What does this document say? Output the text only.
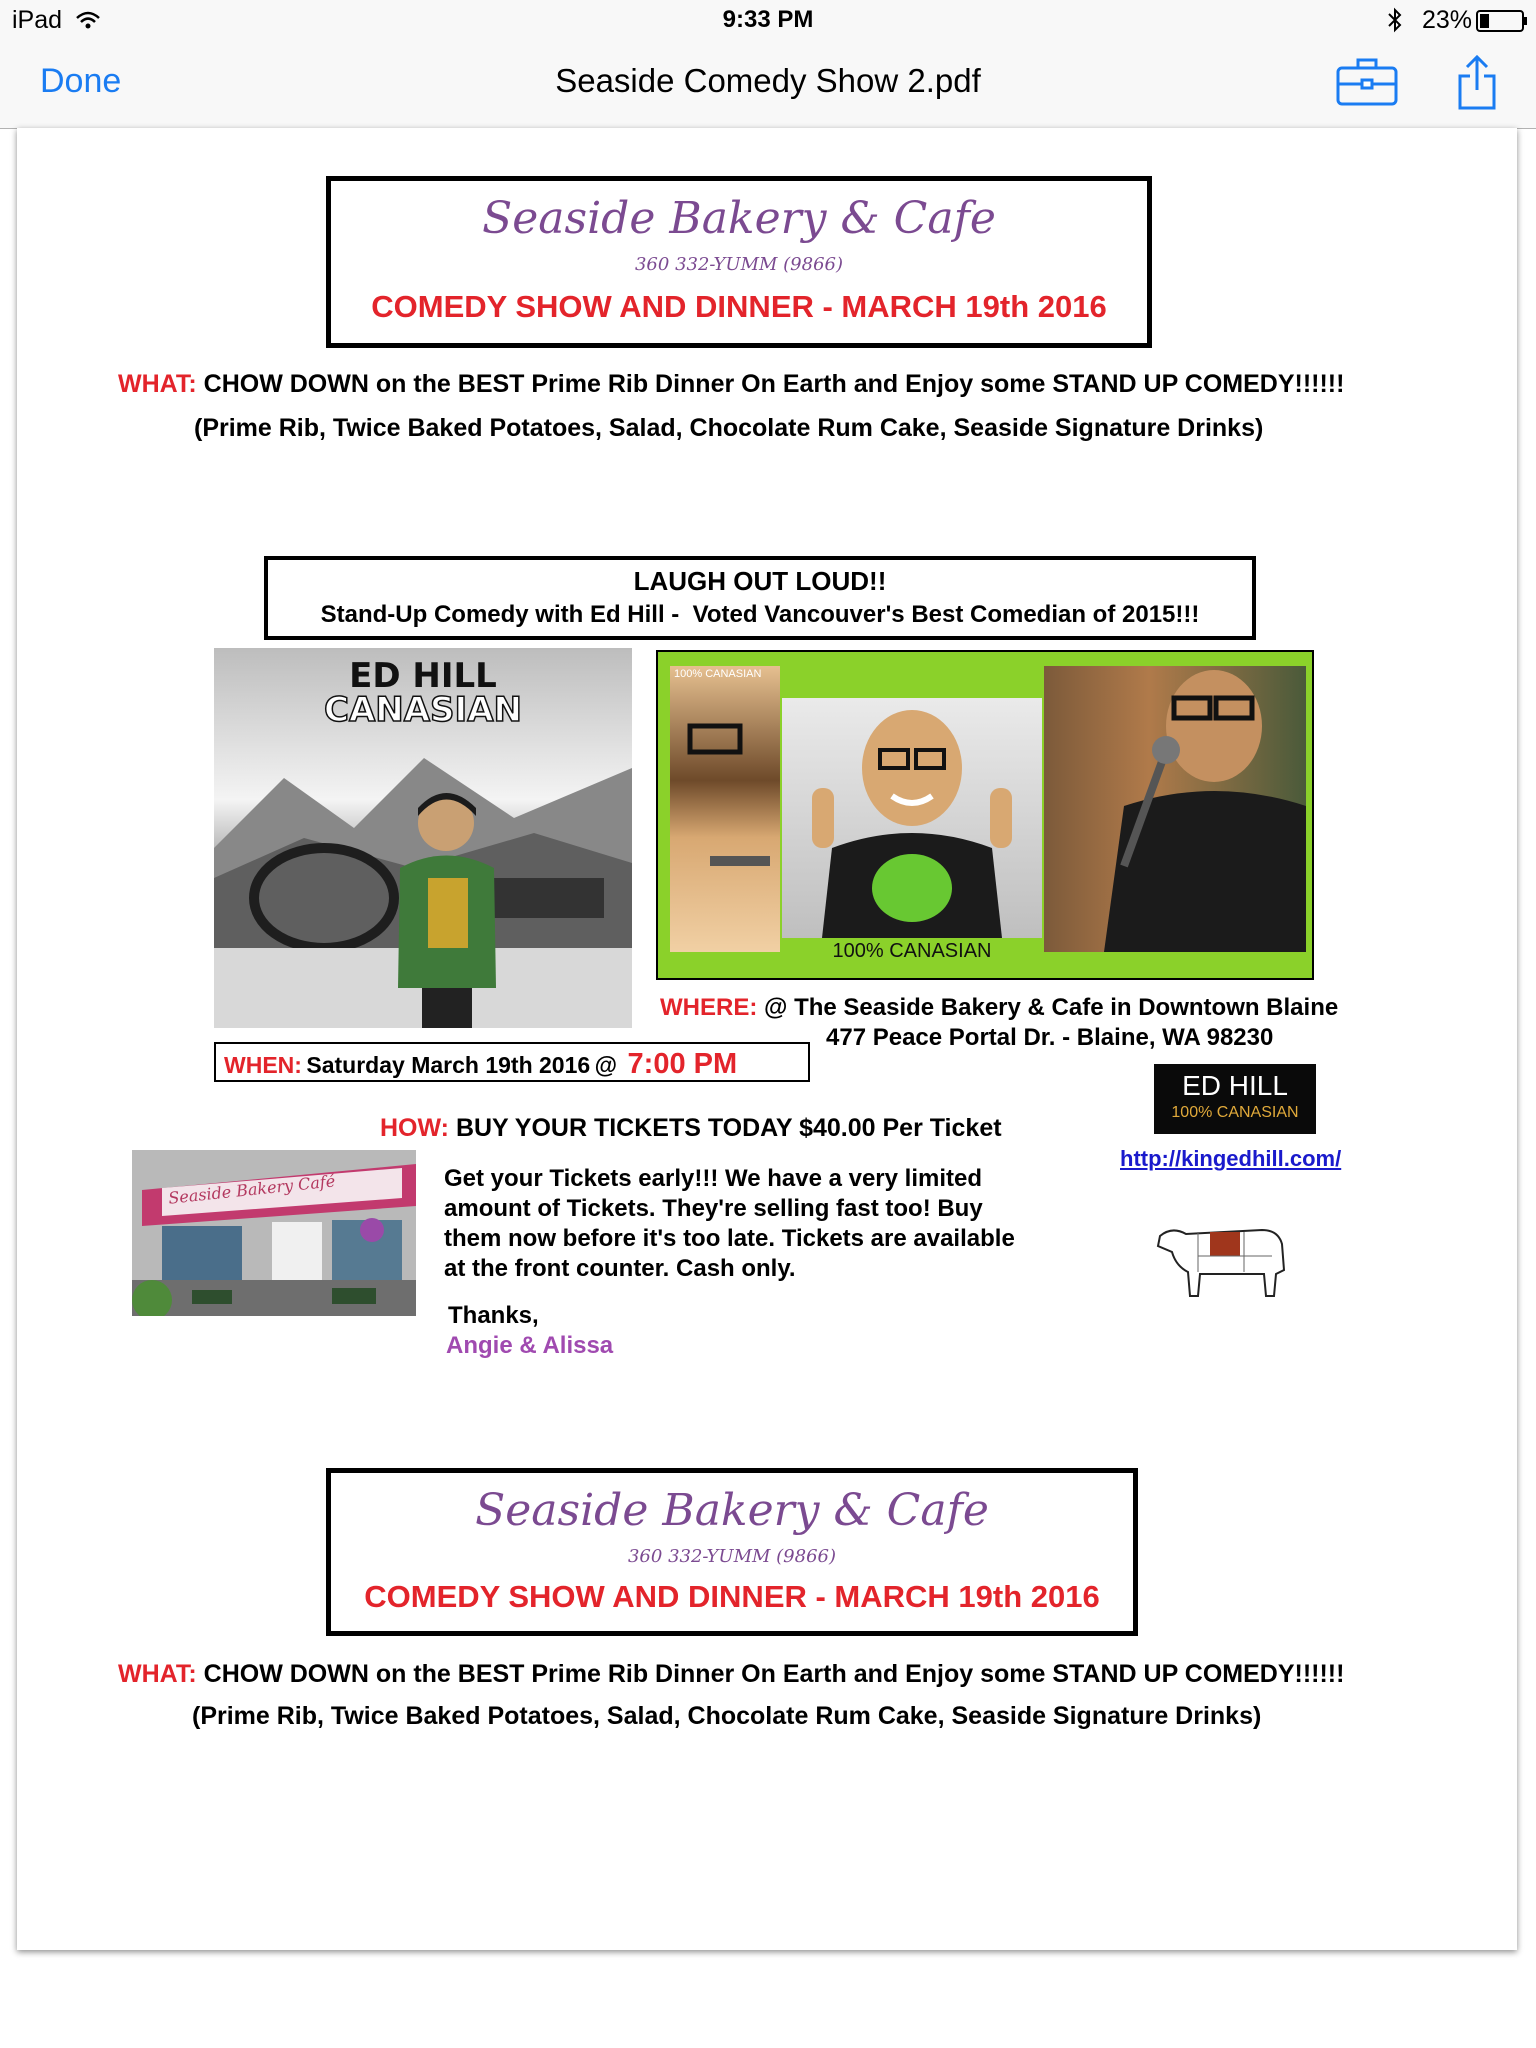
iPad	9:33 PM	23%
Done	Seaside Comedy Show 2.pdf
Seaside Bakery & Cafe
360 332-YUMM (9866)
COMEDY SHOW AND DINNER - MARCH 19th 2016
WHAT: CHOW DOWN on the BEST Prime Rib Dinner On Earth and Enjoy some STAND UP COMEDY!!!!!!
(Prime Rib, Twice Baked Potatoes, Salad, Chocolate Rum Cake, Seaside Signature Drinks)
LAUGH OUT LOUD!!
Stand-Up Comedy with Ed Hill - Voted Vancouver's Best Comedian of 2015!!!
ED HILL
CANASIAN
100% CANASIAN
100% CANASIAN
WHERE: @ The Seaside Bakery & Cafe in Downtown Blaine
477 Peace Portal Dr. - Blaine, WA 98230
WHEN: Saturday March 19th 2016 @ 7:00 PM
ED HILL
100% CANASIAN
http://kingedhill.com/
HOW: BUY YOUR TICKETS TODAY $40.00 Per Ticket
Seaside Bakery Café	Get your Tickets early!!! We have a very limited
amount of Tickets. They're selling fast too! Buy
them now before it's too late. Tickets are available
at the front counter. Cash only.
Thanks,
Angie & Alissa
Seaside Bakery & Cafe
360 332-YUMM (9866)
COMEDY SHOW AND DINNER - MARCH 19th 2016
WHAT: CHOW DOWN on the BEST Prime Rib Dinner On Earth and Enjoy some STAND UP COMEDY!!!!!!
(Prime Rib, Twice Baked Potatoes, Salad, Chocolate Rum Cake, Seaside Signature Drinks)
